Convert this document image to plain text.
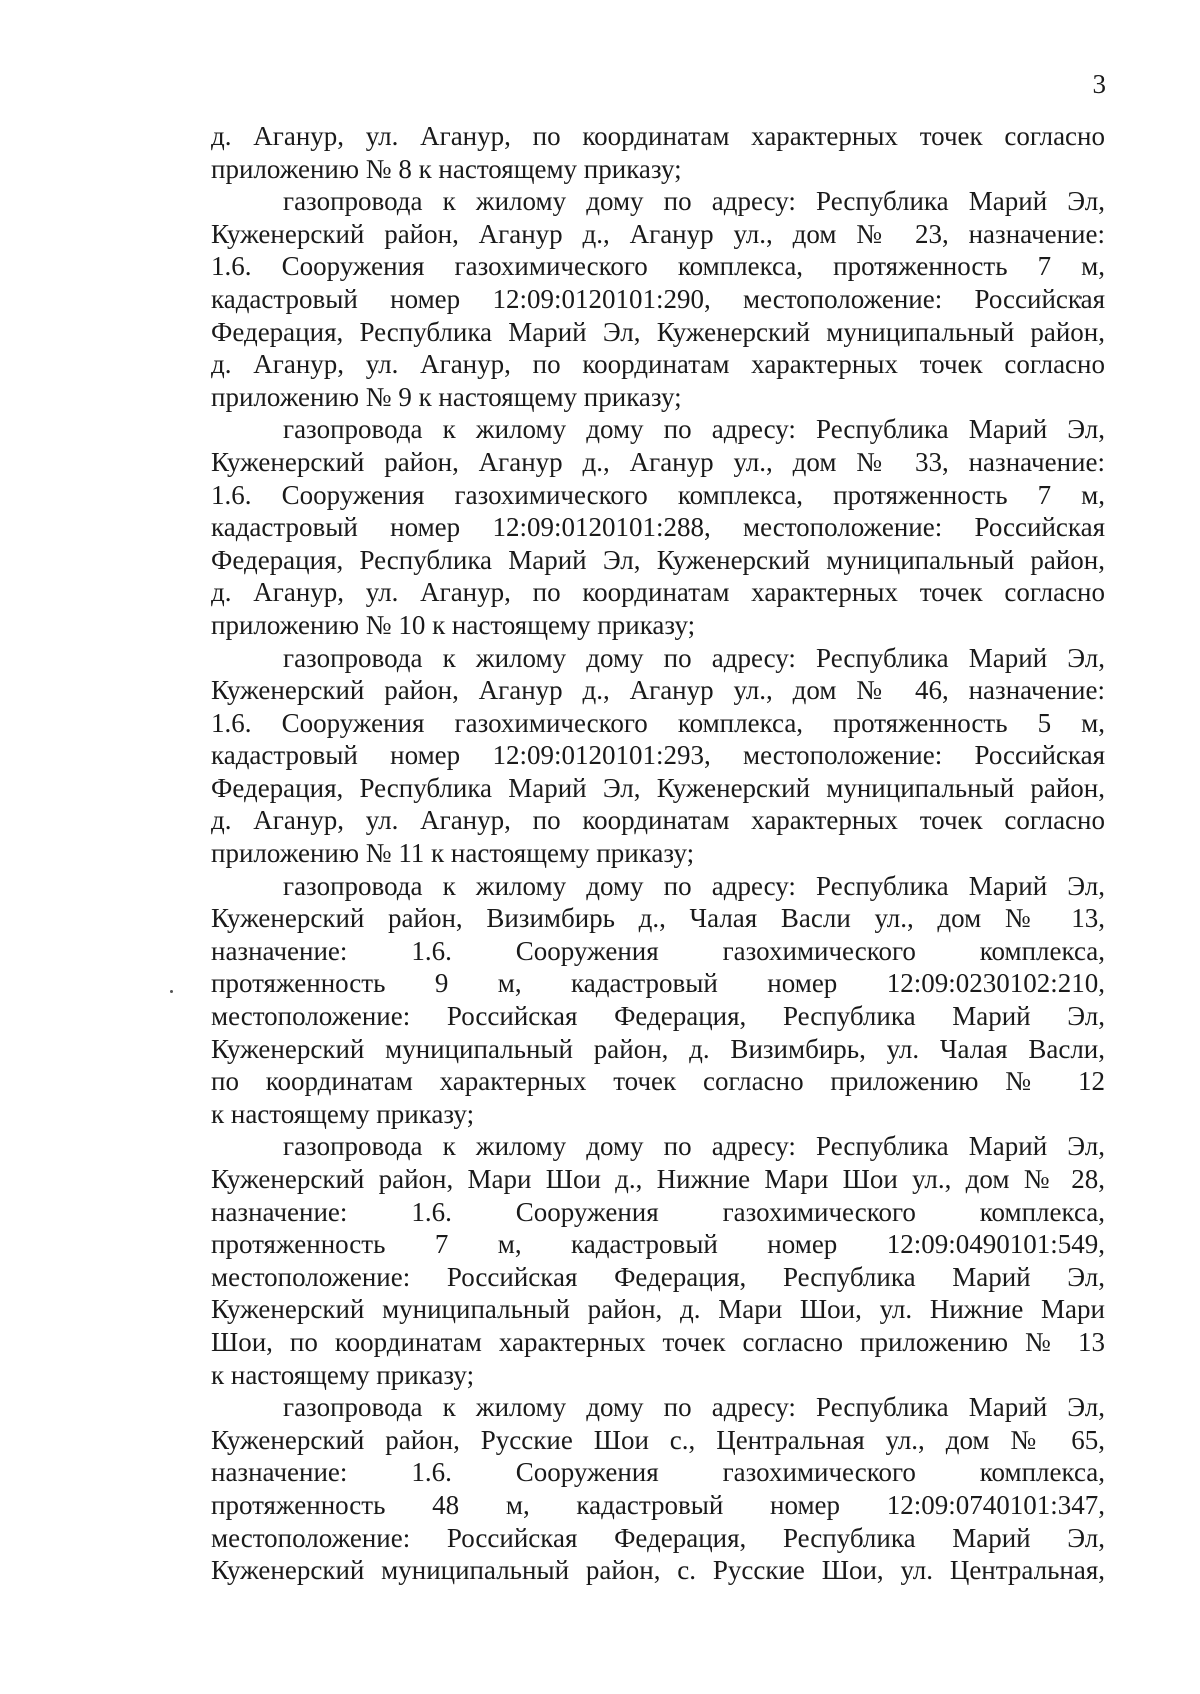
3
д. Аганур, ул. Аганур, по координатам характерных точек согласно
приложению № 8 к настоящему приказу;
газопровода к жилому дому по адресу: Республика Марий Эл,
Куженерский район, Аганур д., Аганур ул., дом № 23, назначение:
1.6. Сооружения газохимического комплекса, протяженность 7 м,
кадастровый номер 12:09:0120101:290, местоположение: Российская
Федерация, Республика Марий Эл, Куженерский муниципальный район,
д. Аганур, ул. Аганур, по координатам характерных точек согласно
приложению № 9 к настоящему приказу;
газопровода к жилому дому по адресу: Республика Марий Эл,
Куженерский район, Аганур д., Аганур ул., дом № 33, назначение:
1.6. Сооружения газохимического комплекса, протяженность 7 м,
кадастровый номер 12:09:0120101:288, местоположение: Российская
Федерация, Республика Марий Эл, Куженерский муниципальный район,
д. Аганур, ул. Аганур, по координатам характерных точек согласно
приложению № 10 к настоящему приказу;
газопровода к жилому дому по адресу: Республика Марий Эл,
Куженерский район, Аганур д., Аганур ул., дом № 46, назначение:
1.6. Сооружения газохимического комплекса, протяженность 5 м,
кадастровый номер 12:09:0120101:293, местоположение: Российская
Федерация, Республика Марий Эл, Куженерский муниципальный район,
д. Аганур, ул. Аганур, по координатам характерных точек согласно
приложению № 11 к настоящему приказу;
газопровода к жилому дому по адресу: Республика Марий Эл,
Куженерский район, Визимбирь д., Чалая Васли ул., дом № 13,
назначение: 1.6. Сооружения газохимического комплекса,
протяженность 9 м, кадастровый номер 12:09:0230102:210,
местоположение: Российская Федерация, Республика Марий Эл,
Куженерский муниципальный район, д. Визимбирь, ул. Чалая Васли,
по координатам характерных точек согласно приложению № 12
к настоящему приказу;
газопровода к жилому дому по адресу: Республика Марий Эл,
Куженерский район, Мари Шои д., Нижние Мари Шои ул., дом № 28,
назначение: 1.6. Сооружения газохимического комплекса,
протяженность 7 м, кадастровый номер 12:09:0490101:549,
местоположение: Российская Федерация, Республика Марий Эл,
Куженерский муниципальный район, д. Мари Шои, ул. Нижние Мари
Шои, по координатам характерных точек согласно приложению № 13
к настоящему приказу;
газопровода к жилому дому по адресу: Республика Марий Эл,
Куженерский район, Русские Шои с., Центральная ул., дом № 65,
назначение: 1.6. Сооружения газохимического комплекса,
протяженность 48 м, кадастровый номер 12:09:0740101:347,
местоположение: Российская Федерация, Республика Марий Эл,
Куженерский муниципальный район, с. Русские Шои, ул. Центральная,
